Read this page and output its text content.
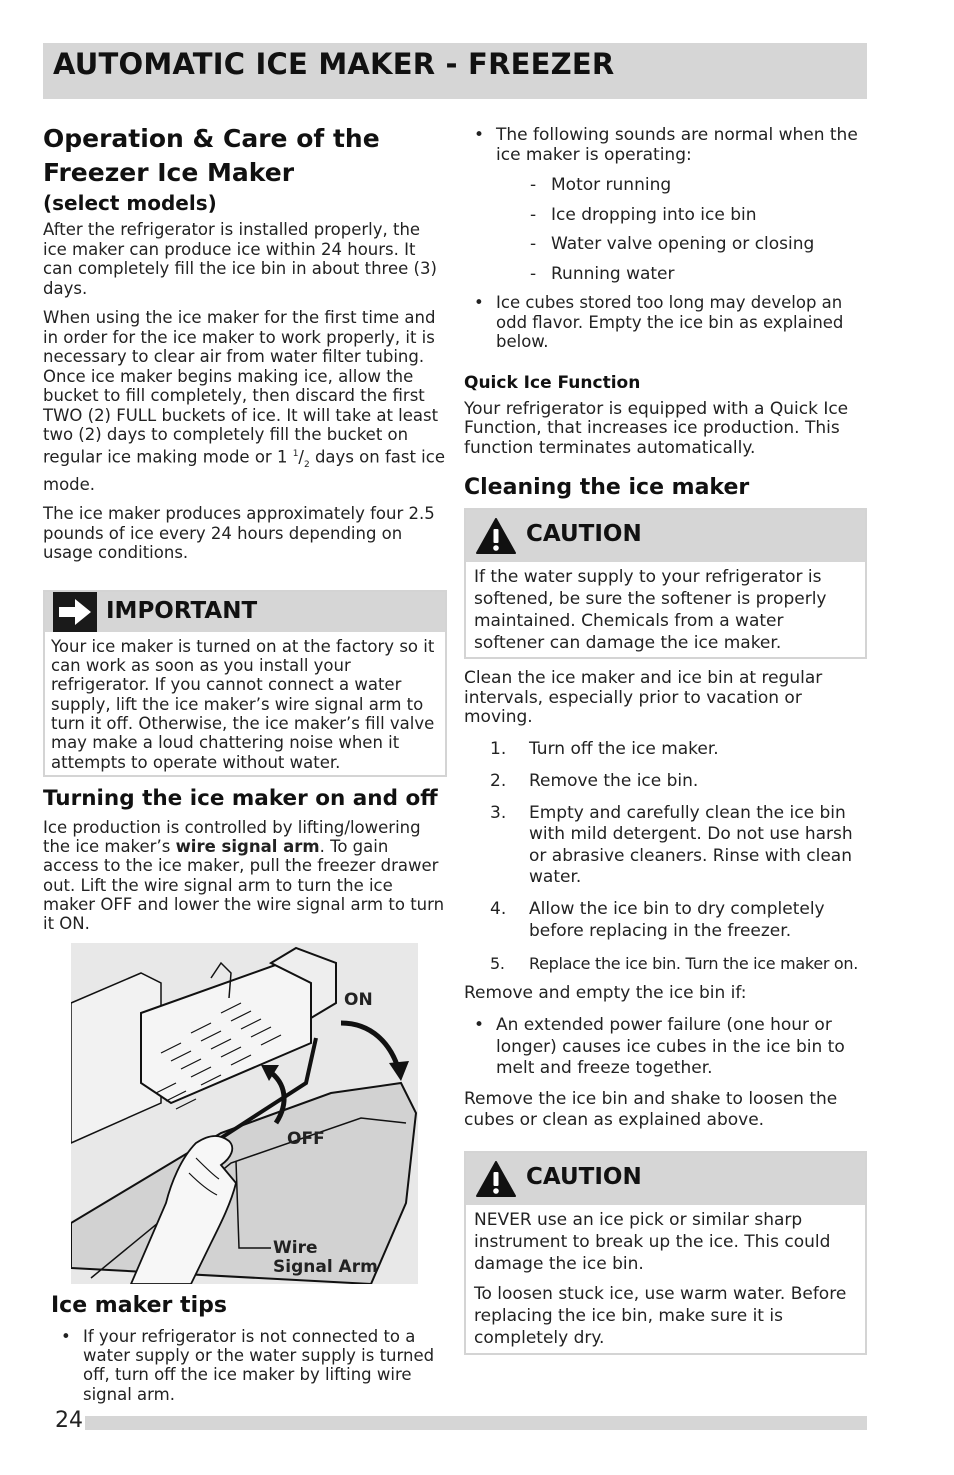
AUTOMATIC ICE MAKER - FREEZER
Operation & Care of the
Freezer Ice Maker
(select models)

After the refrigerator is installed properly, the ice maker can produce ice within 24 hours. It can completely fill the ice bin in about three (3) days.

When using the ice maker for the first time and in order for the ice maker to work properly, it is necessary to clear air from water filter tubing. Once ice maker begins making ice, allow the bucket to fill completely, then discard the first TWO (2) FULL buckets of ice. It will take at least two (2) days to completely fill the bucket on regular ice making mode or 1 $^1/_2$ days on fast ice mode.

The ice maker produces approximately four 2.5 pounds of ice every 24 hours depending on usage conditions.

IMPORTANT

Your ice maker is turned on at the factory so it can work as soon as you install your refrigerator. If you cannot connect a water supply, lift the ice maker’s wire signal arm to turn it off. Otherwise, the ice maker’s fill valve may make a loud chattering noise when it attempts to operate without water.

Turning the ice maker on and off

Ice production is controlled by lifting/lowering the ice maker’s wire signal arm. To gain access to the ice maker, pull the freezer drawer out. Lift the wire signal arm to turn the ice maker OFF and lower the wire signal arm to turn it ON.

ON
OFF
Wire
Signal Arm
Ice maker tips
• If your refrigerator is not connected to a water supply or the water supply is turned off, turn off the ice maker by lifting wire signal arm.
• The following sounds are normal when the ice maker is operating:
- Motor running
- Ice dropping into ice bin
- Water valve opening or closing
- Running water
• Ice cubes stored too long may develop an odd flavor. Empty the ice bin as explained below.
Quick Ice Function

Your refrigerator is equipped with a Quick Ice Function, that increases ice production. This function terminates automatically.

Cleaning the ice maker
CAUTION

If the water supply to your refrigerator is softened, be sure the softener is properly maintained. Chemicals from a water softener can damage the ice maker.

Clean the ice maker and ice bin at regular intervals, especially prior to vacation or moving.

1. Turn off the ice maker.
2. Remove the ice bin.
3. Empty and carefully clean the ice bin with mild detergent. Do not use harsh or abrasive cleaners. Rinse with clean water.
4. Allow the ice bin to dry completely before replacing in the freezer.
5. Replace the ice bin. Turn the ice maker on.

Remove and empty the ice bin if:

• An extended power failure (one hour or longer) causes ice cubes in the ice bin to melt and freeze together.

Remove the ice bin and shake to loosen the cubes or clean as explained above.

CAUTION

NEVER use an ice pick or similar sharp instrument to break up the ice. This could damage the ice bin.

To loosen stuck ice, use warm water. Before replacing the ice bin, make sure it is completely dry.

24
